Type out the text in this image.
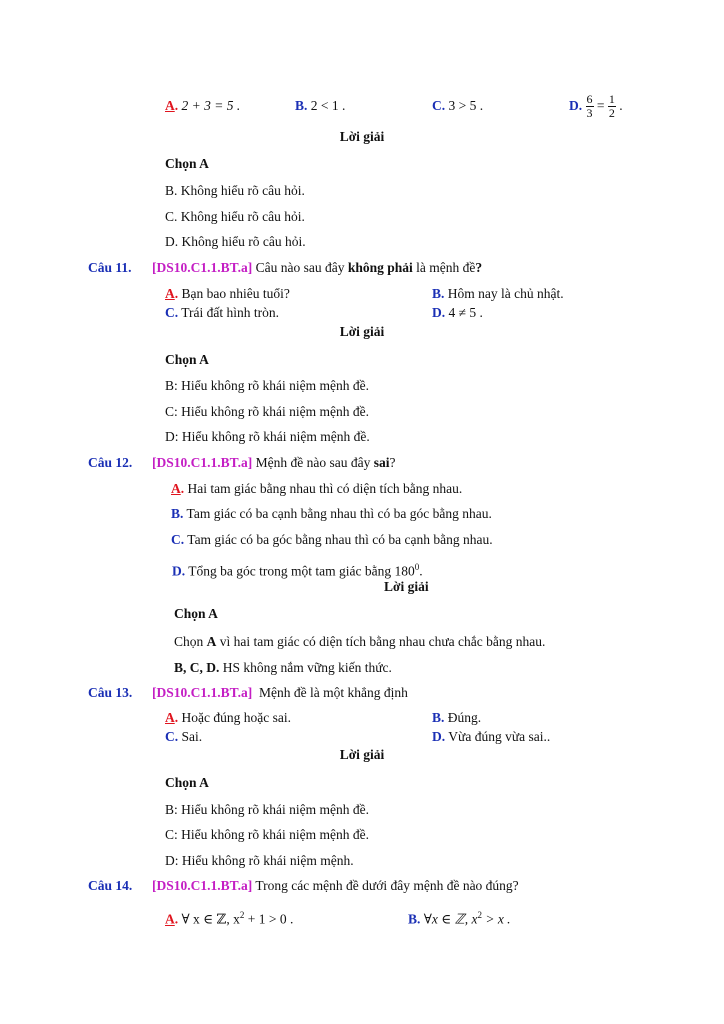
A. 2 + 3 = 5 .	B. 2 < 1 .	C. 3 > 5 .	D. $\frac{6}{3} = \frac{1}{2}$ .
Lời giải
Chọn A
B. Không hiểu rõ câu hỏi.
C. Không hiểu rõ câu hỏi.
D. Không hiểu rõ câu hỏi.
Câu 11. [DS10.C1.1.BT.a] Câu nào sau đây không phải là mệnh đề?
A. Bạn bao nhiêu tuổi?	B. Hôm nay là chủ nhật.
C. Trái đất hình tròn.	D. 4 ≠ 5 .
Lời giải
Chọn A
B: Hiểu không rõ khái niệm mệnh đề.
C: Hiểu không rõ khái niệm mệnh đề.
D: Hiểu không rõ khái niệm mệnh đề.
Câu 12. [DS10.C1.1.BT.a] Mệnh đề nào sau đây sai?
A. Hai tam giác bằng nhau thì có diện tích bằng nhau.
B. Tam giác có ba cạnh bằng nhau thì có ba góc bằng nhau.
C. Tam giác có ba góc bằng nhau thì có ba cạnh bằng nhau.
D. Tổng ba góc trong một tam giác bằng $180^0$.
Lời giải
Chọn A
Chọn A vì hai tam giác có diện tích bằng nhau chưa chắc bằng nhau.
B, C, D. HS không nắm vững kiến thức.
Câu 13. [DS10.C1.1.BT.a] Mệnh đề là một khẳng định
A. Hoặc đúng hoặc sai.	B. Đúng.
C. Sai.	D. Vừa đúng vừa sai..
Lời giải
Chọn A
B: Hiểu không rõ khái niệm mệnh đề.
C: Hiểu không rõ khái niệm mệnh đề.
D: Hiểu không rõ khái niệm mệnh.
Câu 14. [DS10.C1.1.BT.a] Trong các mệnh đề dưới đây mệnh đề nào đúng?
A. ∀ x ∈ ℤ, $x^2 + 1 > 0$ .	B. ∀x ∈ ℤ, $x^2 > x$ .
